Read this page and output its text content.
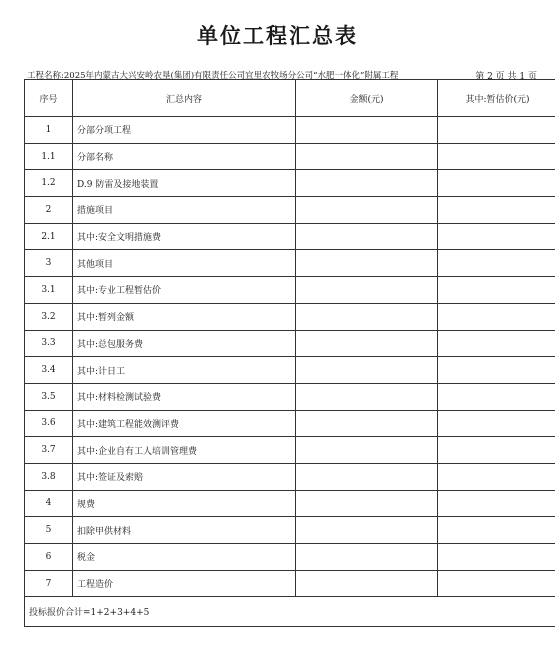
单位工程汇总表
工程名称:2025年内蒙古大兴安岭农垦(集团)有限责任公司宜里农牧场分公司“水肥一体化”附属工程	第 2 页 共 1 页
序号	汇总内容	金额(元)	其中:暂估价(元)
1	分部分项工程		
1.1	分部名称		
1.2	D.9 防雷及接地装置		
2	措施项目		
2.1	其中:安全文明措施费		
3	其他项目		
3.1	其中:专业工程暂估价		
3.2	其中:暂列金额		
3.3	其中:总包服务费		
3.4	其中:计日工		
3.5	其中:材料检测试验费		
3.6	其中:建筑工程能效测评费		
3.7	其中:企业自有工人培训管理费		
3.8	其中:签证及索赔		
4	规费		
5	扣除甲供材料		
6	税金		
7	工程造价		
投标报价合计=1+2+3+4+5			
